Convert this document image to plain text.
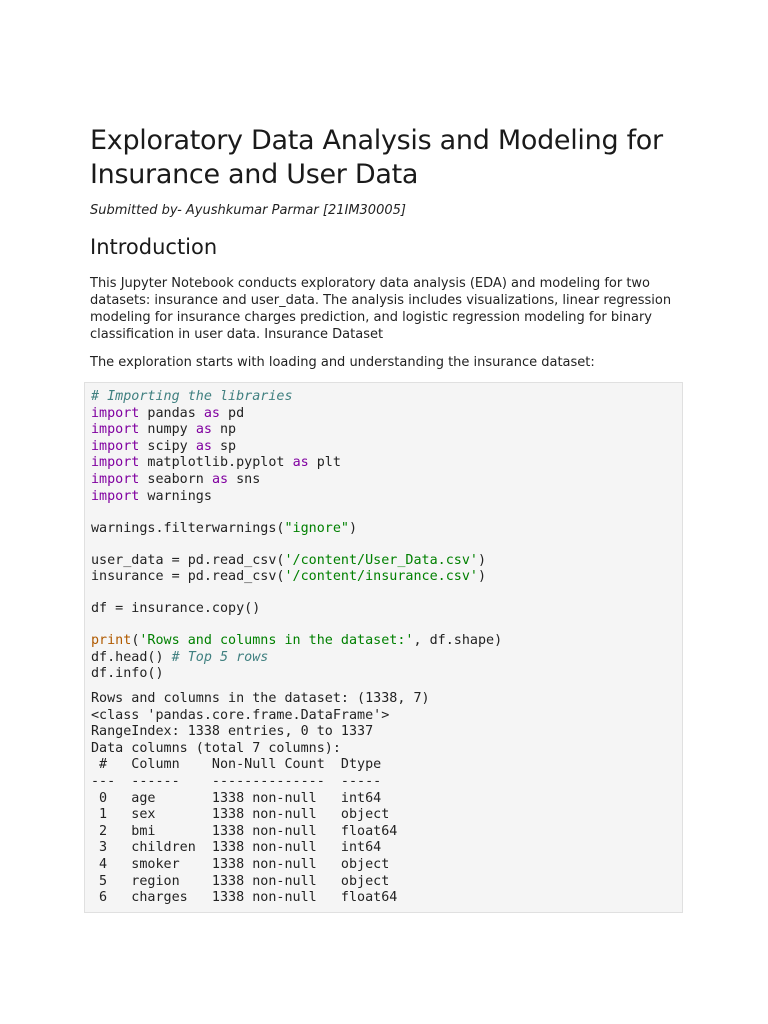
Exploratory Data Analysis and Modeling for Insurance and User Data

Submitted by- Ayushkumar Parmar [21IM30005]

Introduction

This Jupyter Notebook conducts exploratory data analysis (EDA) and modeling for two datasets: insurance and user_data. The analysis includes visualizations, linear regression modeling for insurance charges prediction, and logistic regression modeling for binary classification in user data. Insurance Dataset

The exploration starts with loading and understanding the insurance dataset:

# Importing the libraries
import pandas as pd
import numpy as np
import scipy as sp
import matplotlib.pyplot as plt
import seaborn as sns
import warnings
warnings.filterwarnings("ignore")
user_data = pd.read_csv('/content/User_Data.csv')
insurance = pd.read_csv('/content/insurance.csv')
df = insurance.copy()
print('Rows and columns in the dataset:', df.shape)
df.head() # Top 5 rows
df.info()
Rows and columns in the dataset: (1338, 7)
<class 'pandas.core.frame.DataFrame'>
RangeIndex: 1338 entries, 0 to 1337
Data columns (total 7 columns):
#   Column    Non-Null Count  Dtype
---  ------    --------------  -----
0   age       1338 non-null   int64
1   sex       1338 non-null   object
2   bmi       1338 non-null   float64
3   children  1338 non-null   int64
4   smoker    1338 non-null   object
5   region    1338 non-null   object
6   charges   1338 non-null   float64
